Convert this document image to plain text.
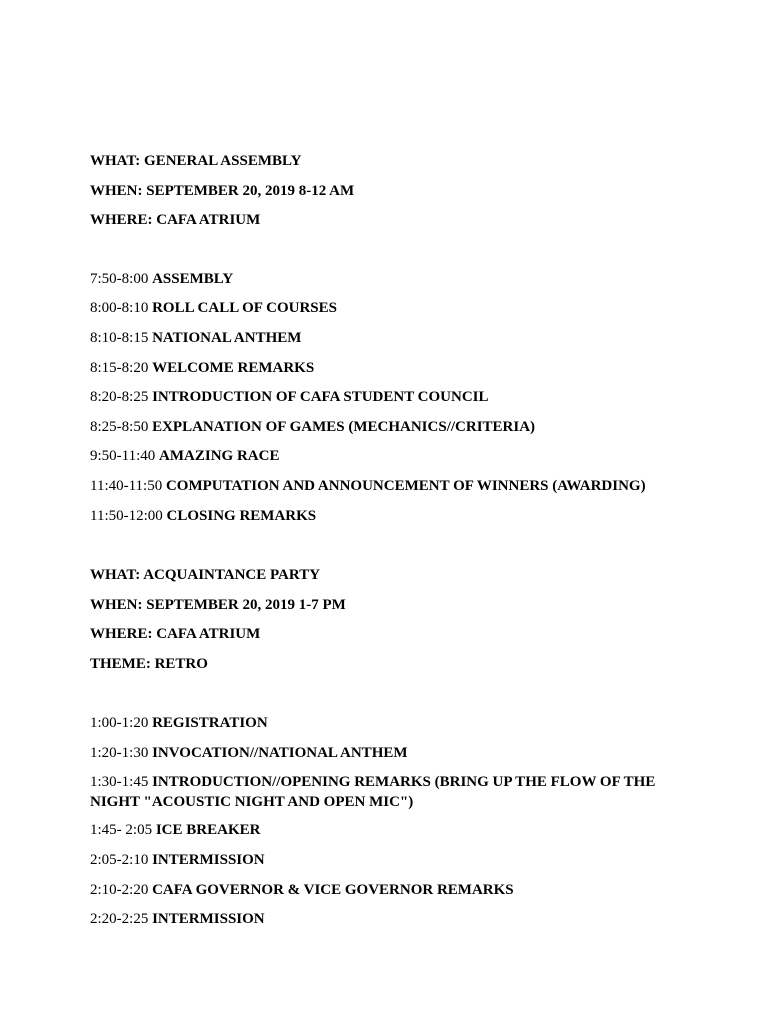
WHAT: GENERAL ASSEMBLY
WHEN: SEPTEMBER 20, 2019 8-12 AM
WHERE: CAFA ATRIUM
7:50-8:00 ASSEMBLY
8:00-8:10 ROLL CALL OF COURSES
8:10-8:15 NATIONAL ANTHEM
8:15-8:20 WELCOME REMARKS
8:20-8:25 INTRODUCTION OF CAFA STUDENT COUNCIL
8:25-8:50 EXPLANATION OF GAMES (MECHANICS//CRITERIA)
9:50-11:40 AMAZING RACE
11:40-11:50 COMPUTATION AND ANNOUNCEMENT OF WINNERS (AWARDING)
11:50-12:00 CLOSING REMARKS
WHAT: ACQUAINTANCE PARTY
WHEN: SEPTEMBER 20, 2019 1-7 PM
WHERE: CAFA ATRIUM
THEME: RETRO
1:00-1:20 REGISTRATION
1:20-1:30 INVOCATION//NATIONAL ANTHEM
1:30-1:45 INTRODUCTION//OPENING REMARKS (BRING UP THE FLOW OF THE NIGHT "ACOUSTIC NIGHT AND OPEN MIC")
1:45- 2:05 ICE BREAKER
2:05-2:10 INTERMISSION
2:10-2:20 CAFA GOVERNOR & VICE GOVERNOR REMARKS
2:20-2:25 INTERMISSION
